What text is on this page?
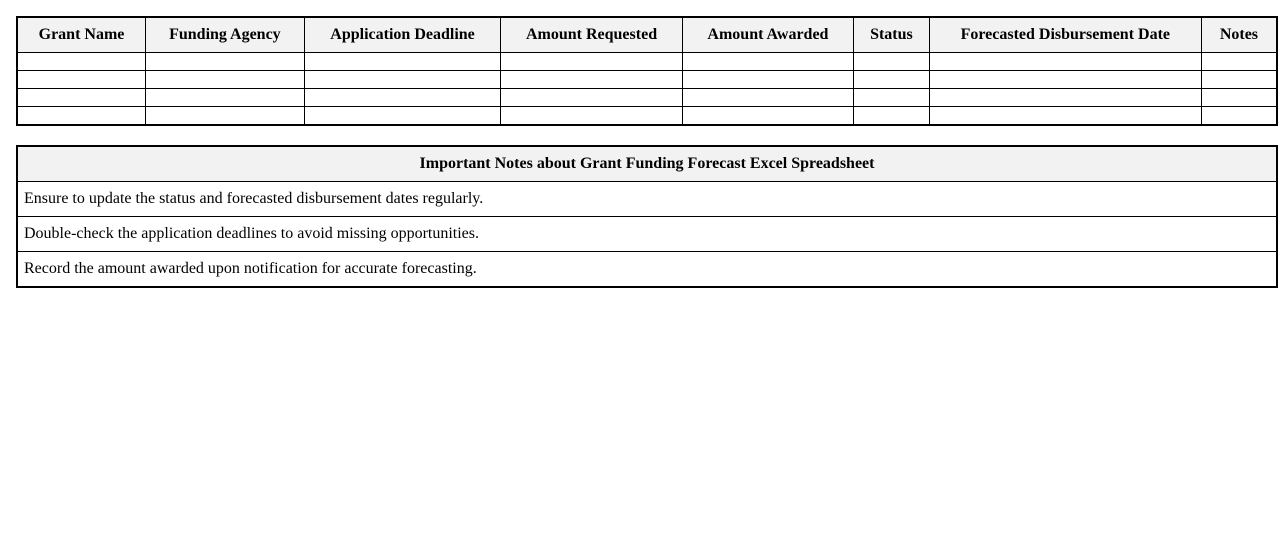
Grant Name	Funding Agency	Application Deadline	Amount Requested	Amount Awarded	Status	Forecasted Disbursement Date	Notes

Important Notes about Grant Funding Forecast Excel Spreadsheet
Ensure to update the status and forecasted disbursement dates regularly.
Double-check the application deadlines to avoid missing opportunities.
Record the amount awarded upon notification for accurate forecasting.
